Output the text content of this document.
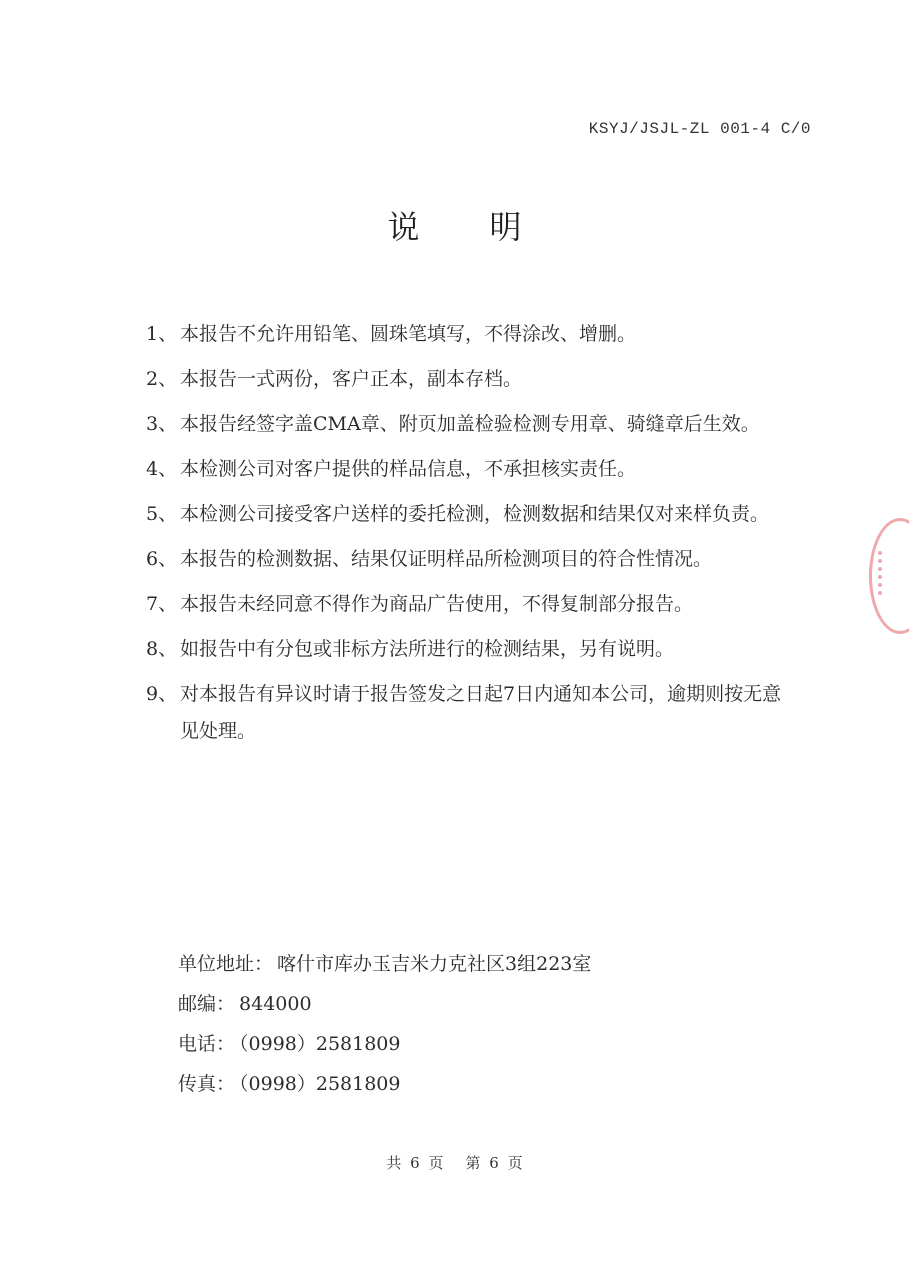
KSYJ/JSJL-ZL 001-4 C/0
说明
1、 本报告不允许用铅笔、圆珠笔填写，不得涂改、增删。
2、 本报告一式两份，客户正本，副本存档。
3、 本报告经签字盖CMA章、附页加盖检验检测专用章、骑缝章后生效。
4、 本检测公司对客户提供的样品信息，不承担核实责任。
5、 本检测公司接受客户送样的委托检测，检测数据和结果仅对来样负责。
6、 本报告的检测数据、结果仅证明样品所检测项目的符合性情况。
7、 本报告未经同意不得作为商品广告使用，不得复制部分报告。
8、 如报告中有分包或非标方法所进行的检测结果，另有说明。
9、 对本报告有异议时请于报告签发之日起7日内通知本公司，逾期则按无意见处理。
单位地址： 喀什市库办玉吉米力克社区3组223室
邮编： 844000
电话： （0998）2581809
传真： （0998）2581809
共 6 页 第 6 页
